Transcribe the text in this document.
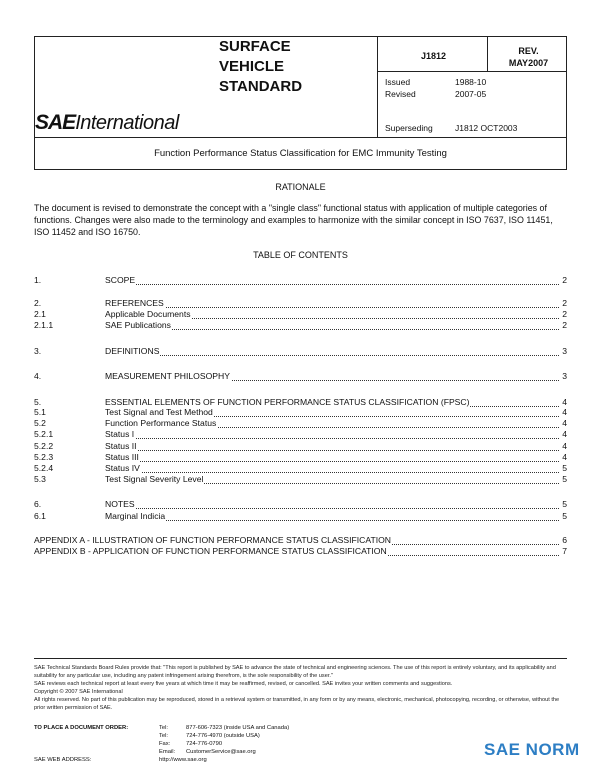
SAEInternational
SURFACE
VEHICLE
STANDARD
J1812	REV.
MAY2007
Issued	1988-10
Revised	2007-05
Superseding	J1812 OCT2003
Function Performance Status Classification for EMC Immunity Testing
RATIONALE
The document is revised to demonstrate the concept with a "single class" functional status with application of multiple categories of functions. Changes were also made to the terminology and examples to harmonize with the similar concept in ISO 7637, ISO 11451, ISO 11452 and ISO 16750.
TABLE OF CONTENTS
1.	SCOPE	2
2.	REFERENCES	2
2.1	Applicable Documents	2
2.1.1	SAE Publications	2
3.	DEFINITIONS	3
4.	MEASUREMENT PHILOSOPHY	3
5.	ESSENTIAL ELEMENTS OF FUNCTION PERFORMANCE STATUS CLASSIFICATION (FPSC)	4
5.1	Test Signal and Test Method	4
5.2	Function Performance Status	4
5.2.1	Status I	4
5.2.2	Status II	4
5.2.3	Status III	4
5.2.4	Status IV	5
5.3	Test Signal Severity Level	5
6.	NOTES	5
6.1	Marginal Indicia	5
APPENDIX A - ILLUSTRATION OF FUNCTION PERFORMANCE STATUS CLASSIFICATION	6
APPENDIX B - APPLICATION OF FUNCTION PERFORMANCE STATUS CLASSIFICATION	7
SAE Technical Standards Board Rules provide that: "This report is published by SAE to advance the state of technical and engineering sciences. The use of this report is entirely voluntary, and its applicability and suitability for any particular use, including any patent infringement arising therefrom, is the sole responsibility of the user."
SAE reviews each technical report at least every five years at which time it may be reaffirmed, revised, or cancelled. SAE invites your written comments and suggestions.
Copyright © 2007 SAE International
All rights reserved. No part of this publication may be reproduced, stored in a retrieval system or transmitted, in any form or by any means, electronic, mechanical, photocopying, recording, or otherwise, without the prior written permission of SAE.
TO PLACE A DOCUMENT ORDER:	Tel:	877-606-7323 (inside USA and Canada)
Tel:	724-776-4970 (outside USA)
Fax:	724-776-0790
Email: CustomerService@sae.org
SAE WEB ADDRESS:	http://www.sae.org
SAE NORM
